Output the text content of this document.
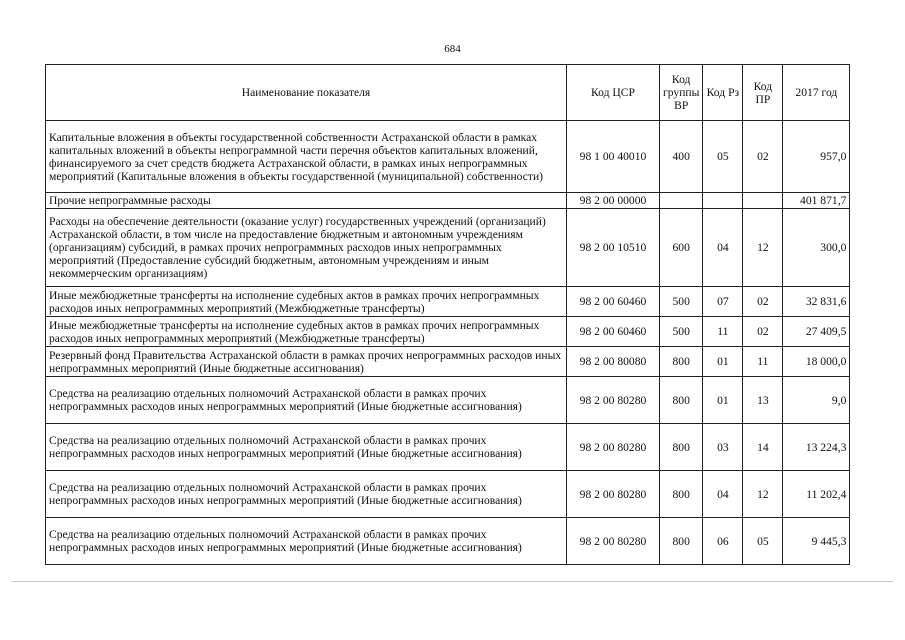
684
Наименование показателя	Код ЦСР	Код группы ВР	Код Рз	Код ПР	2017 год
Капитальные вложения в объекты государственной собственности Астраханской области в рамках капитальных вложений в объекты непрограммной части перечня объектов капитальных вложений, финансируемого за счет средств бюджета Астраханской области, в рамках иных непрограммных мероприятий (Капитальные вложения в объекты государственной (муниципальной) собственности)	98 1 00 40010	400	05	02	957,0
Прочие непрограммные расходы	98 2 00 00000				401 871,7
Расходы на обеспечение деятельности (оказание услуг) государственных учреждений (организаций) Астраханской области, в том числе на предоставление бюджетным и автономным учреждениям (организациям) субсидий, в рамках прочих непрограммных расходов иных непрограммных мероприятий (Предоставление субсидий бюджетным, автономным учреждениям и иным некоммерческим организациям)	98 2 00 10510	600	04	12	300,0
Иные межбюджетные трансферты на исполнение судебных актов в рамках прочих непрограммных расходов иных непрограммных мероприятий (Межбюджетные трансферты)	98 2 00 60460	500	07	02	32 831,6
Иные межбюджетные трансферты на исполнение судебных актов в рамках прочих непрограммных расходов иных непрограммных мероприятий (Межбюджетные трансферты)	98 2 00 60460	500	11	02	27 409,5
Резервный фонд Правительства Астраханской области в рамках прочих непрограммных расходов иных непрограммных мероприятий (Иные бюджетные ассигнования)	98 2 00 80080	800	01	11	18 000,0
Средства на реализацию отдельных полномочий Астраханской области в рамках прочих непрограммных расходов иных непрограммных мероприятий (Иные бюджетные ассигнования)	98 2 00 80280	800	01	13	9,0
Средства на реализацию отдельных полномочий Астраханской области в рамках прочих непрограммных расходов иных непрограммных мероприятий (Иные бюджетные ассигнования)	98 2 00 80280	800	03	14	13 224,3
Средства на реализацию отдельных полномочий Астраханской области в рамках прочих непрограммных расходов иных непрограммных мероприятий (Иные бюджетные ассигнования)	98 2 00 80280	800	04	12	11 202,4
Средства на реализацию отдельных полномочий Астраханской области в рамках прочих непрограммных расходов иных непрограммных мероприятий (Иные бюджетные ассигнования)	98 2 00 80280	800	06	05	9 445,3
